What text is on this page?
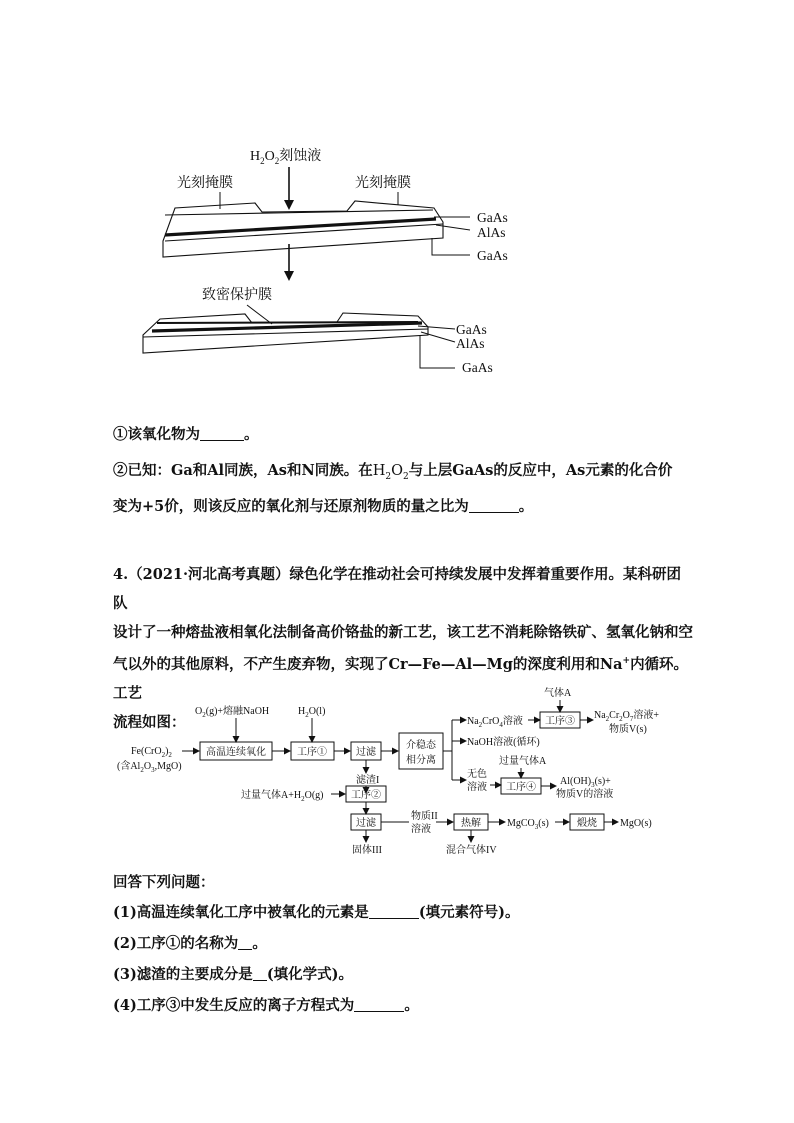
$H_2O_2$刻蚀液
光刻掩膜	光刻掩膜
GaAs
AlAs
GaAs
致密保护膜
GaAs
AlAs
GaAs

①该氧化物为	。

②已知：Ga和Al同族，As和N同族。在$H_2O_2$与上层GaAs的反应中，As元素的化合价
变为+5价，则该反应的氧化剂与还原剂物质的量之比为	。

4.（2021·河北高考真题）绿色化学在推动社会可持续发展中发挥着重要作用。某科研团队
设计了一种熔盐液相氧化法制备高价铬盐的新工艺，该工艺不消耗除铬铁矿、氢氧化钠和空
气以外的其他原料，不产生废弃物，实现了Cr—Fe—Al—Mg的深度利用和Na+内循环。工艺
流程如图：

$Fe(CrO_2)_2$
(含$Al_2O_3,MgO$)
$O_2(g)+$熔融NaOH
高温连续氧化
$H_2O(l)$
工序①	过滤
介稳态
相分离
$Na_2CrO_4$溶液
NaOH溶液(循环)
气体A
工序③
$Na_2Cr_2O_7$溶液+
物质V(s)
无色
溶液
过量气体A
工序④
$Al(OH)_3(s)+$
物质V的溶液
滤渣I
过量气体$A+H_2O(g)$	工序②
过滤
固体III
物质II
溶液
热解
混合气体IV
MgCO$_3$(s)	煅烧 MgO(s)

回答下列问题：

(1)高温连续氧化工序中被氧化的元素是	(填元素符号)。

(2)工序①的名称为 。

(3)滤渣的主要成分是 (填化学式)。

(4)工序③中发生反应的离子方程式为	。
